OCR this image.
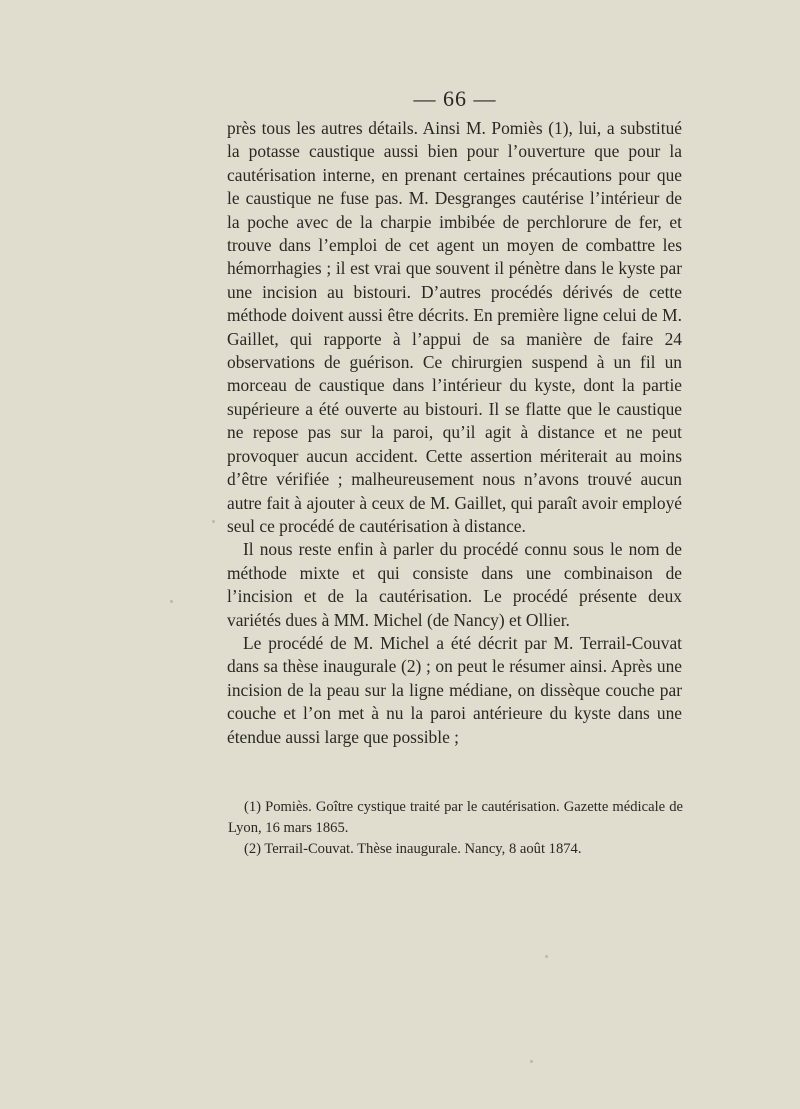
— 66 —

près tous les autres détails. Ainsi M. Pomiès (1), lui, a substitué la potasse caustique aussi bien pour l’ouverture que pour la cautérisation interne, en prenant certaines précautions pour que le caustique ne fuse pas. M. Desgranges cautérise l’intérieur de la poche avec de la charpie imbibée de perchlorure de fer, et trouve dans l’emploi de cet agent un moyen de combattre les hémorrhagies ; il est vrai que souvent il pénètre dans le kyste par une incision au bistouri. D’autres procédés dérivés de cette méthode doivent aussi être décrits. En première ligne celui de M. Gaillet, qui rapporte à l’appui de sa manière de faire 24 observations de guérison. Ce chirurgien suspend à un fil un morceau de caustique dans l’intérieur du kyste, dont la partie supérieure a été ouverte au bistouri. Il se flatte que le caustique ne repose pas sur la paroi, qu’il agit à distance et ne peut provoquer aucun accident. Cette assertion mériterait au moins d’être vérifiée ; malheureusement nous n’avons trouvé aucun autre fait à ajouter à ceux de M. Gaillet, qui paraît avoir employé seul ce procédé de cautérisation à distance.

Il nous reste enfin à parler du procédé connu sous le nom de méthode mixte et qui consiste dans une combinaison de l’incision et de la cautérisation. Le procédé présente deux variétés dues à MM. Michel (de Nancy) et Ollier.

Le procédé de M. Michel a été décrit par M. Terrail-Couvat dans sa thèse inaugurale (2) ; on peut le résumer ainsi. Après une incision de la peau sur la ligne médiane, on dissèque couche par couche et l’on met à nu la paroi antérieure du kyste dans une étendue aussi large que possible ;

(1) Pomiès. Goître cystique traité par le cautérisation. Gazette médicale de Lyon, 16 mars 1865.

(2) Terrail-Couvat. Thèse inaugurale. Nancy, 8 août 1874.
